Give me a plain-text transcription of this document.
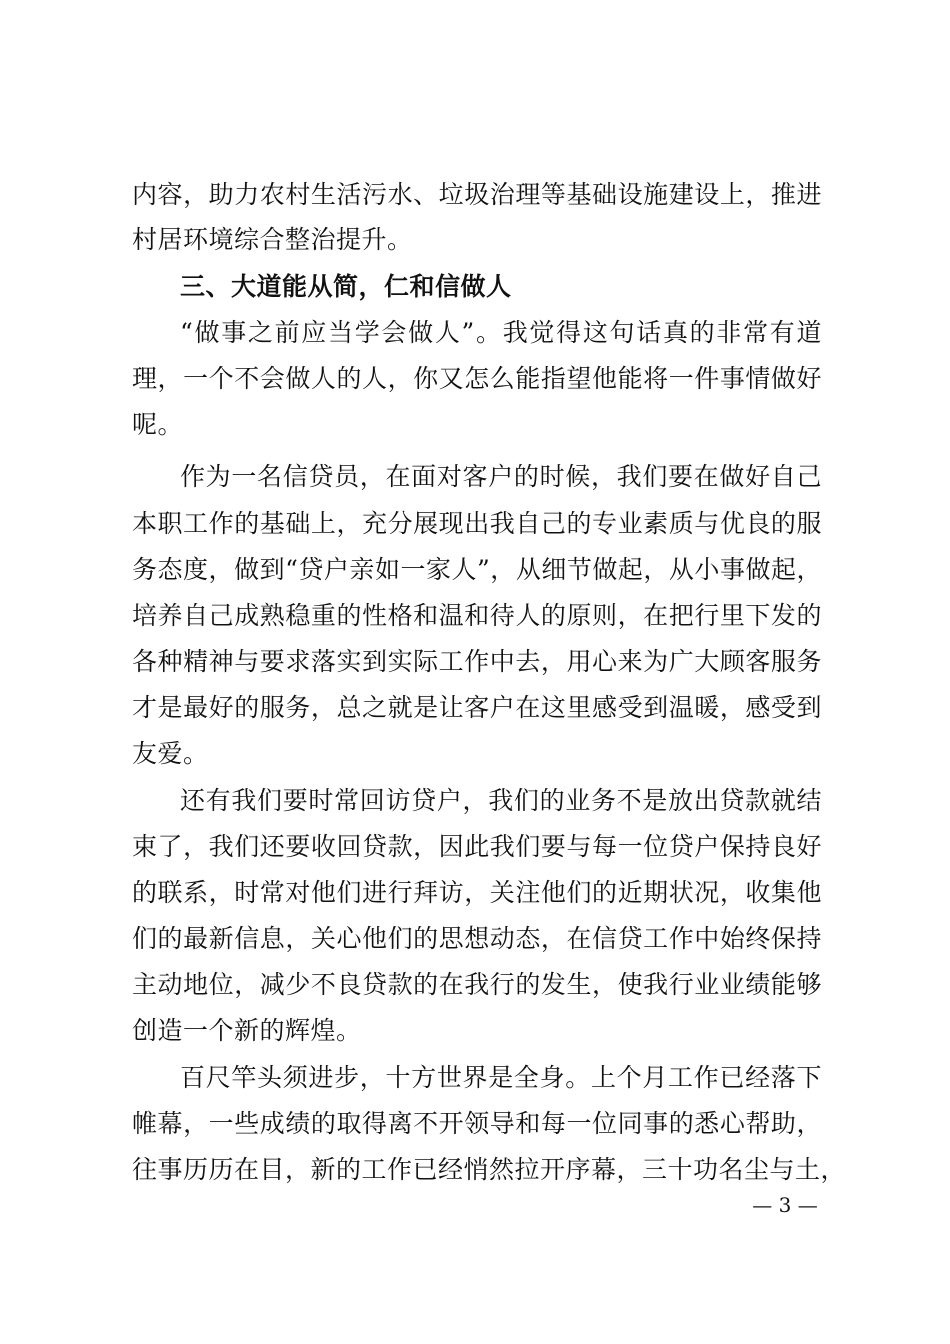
内容，助力农村生活污水、垃圾治理等基础设施建设上，推进
村居环境综合整治提升。
三、大道能从简，仁和信做人
“做事之前应当学会做人”。我觉得这句话真的非常有道
理，一个不会做人的人，你又怎么能指望他能将一件事情做好
呢。
作为一名信贷员，在面对客户的时候，我们要在做好自己
本职工作的基础上，充分展现出我自己的专业素质与优良的服
务态度，做到“贷户亲如一家人”，从细节做起，从小事做起，
培养自己成熟稳重的性格和温和待人的原则，在把行里下发的
各种精神与要求落实到实际工作中去，用心来为广大顾客服务
才是最好的服务，总之就是让客户在这里感受到温暖，感受到
友爱。
还有我们要时常回访贷户，我们的业务不是放出贷款就结
束了，我们还要收回贷款，因此我们要与每一位贷户保持良好
的联系，时常对他们进行拜访，关注他们的近期状况，收集他
们的最新信息，关心他们的思想动态，在信贷工作中始终保持
主动地位，减少不良贷款的在我行的发生，使我行业业绩能够
创造一个新的辉煌。
百尺竿头须进步，十方世界是全身。上个月工作已经落下
帷幕，一些成绩的取得离不开领导和每一位同事的悉心帮助，
往事历历在目，新的工作已经悄然拉开序幕，三十功名尘与土，
— 3 —
